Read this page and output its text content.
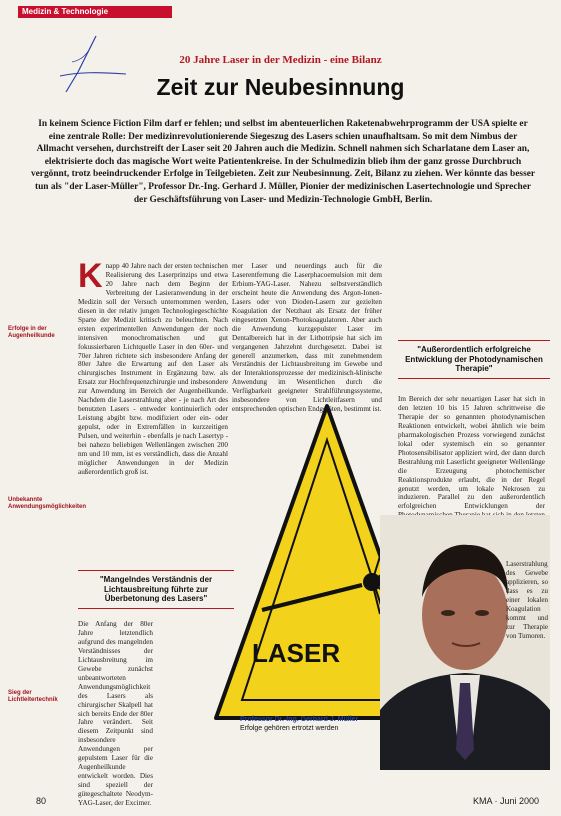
Medizin & Technologie
20 Jahre Laser in der Medizin - eine Bilanz
Zeit zur Neubesinnung
In keinem Science Fiction Film darf er fehlen; und selbst im abenteuerlichen Raketenabwehrprogramm der USA spielte er eine zentrale Rolle: Der medizinrevolutionierende Siegeszug des Lasers schien unaufhaltsam. So mit dem Nimbus der Allmacht versehen, durchstreift der Laser seit 20 Jahren auch die Medizin. Schnell nahmen sich Scharlatane dem Laser an, elektrisierte doch das magische Wort weite Patientenkreise. In der Schulmedizin blieb ihm der ganz grosse Durchbruch vergönnt, trotz beeindruckender Erfolge in Teilgebieten. Zeit zur Neubesinnung. Zeit, Bilanz zu ziehen. Wer könnte das besser tun als "der Laser-Müller", Professor Dr.-Ing. Gerhard J. Müller, Pionier der medizinischen Lasertechnologie und Sprecher der Geschäftsführung von Laser- und Medizin-Technologie GmbH, Berlin.
Erfolge in der Augenheilkunde
Unbekannte Anwendungsmöglichkeiten
Sieg der Lichtleitertechnik
Knapp 40 Jahre nach der ersten technischen Realisierung des Laserprinzips und etwa 20 Jahre nach dem Beginn der Verbreitung der Lasieranwendung in der Medizin soll der Versuch unternommen werden, diesen in der relativ jungen Technologiegeschichte Sparte der Medizit kritisch zu beleuchten. Nach ersten experimentellen Anwendungen der noch intensiven monochromatischen und gut fokussierbaren Lichtquelle Laser in den 60er- und 70er Jahren richtete sich insbesondere Anfang der 80er Jahre die Erwartung auf den Laser als chirurgisches Instrument in Ergänzung bzw. als Ersatz zur Hochfrequenzchirurgie und insbesondere zur Anwendung im Bereich der Augenheilkunde. Nachdem die Laserstrahlung aber - je nach Art des benutzten Lasers - entweder kontinuierlich oder Leistung abgibt bzw. modifiziert oder ein- oder gepulst, oder in Extremfällen in kurzzeitigen Pulsen, und weiterhin - ebenfalls je nach Lasertyp - bei nahezu beliebigen Wellenlängen zwischen 200 nm und 10 mm, ist es verständlich, dass die Anzahl möglicher Anwendungen in der Medizin außerordentlich groß ist.
"Mangelndes Verständnis der Lichtausbreitung führte zur Überbetonung des Lasers"
Die Anfang der 80er Jahre letztendlich aufgrund des mangelnden Verständnisses der Lichtausbreitung im Gewebe zunächst unbeantworteten Anwendungsmöglichkeit des Lasers als chirurgischer Skalpell hat sich bereits Ende der 80er Jahre verändert. Seit diesem Zeitpunkt sind insbesondere Anwendungen per gepulstem Laser für die Augenheilkunde entwickelt worden. Dies sind speziell der gütegeschaltete Neodym-YAG-Laser, der Excimer.
mer Laser und neuerdings auch für die Laserentfernung die Laserphacoemulsion mit dem Erbium-YAG-Laser. Nahezu selbstverständlich erscheint heute die Anwendung des Argon-Ionen-Lasers oder von Dioden-Lasern zur gezielten Koagulation der Netzhaut als Ersatz der früher eingesetzten Xenon-Photokoagulatoren. Aber auch die Anwendung kurzgepulster Laser im Dentalbereich hat in der Lithotripsie hat sich im vergangenen Jahrzehnt durchgesetzt. Dabei ist generell anzumerken, dass mit zunehmendem Verständnis der Lichtausbreitung im Gewebe und der Interaktionsprozesse der medizinisch-klinische Anwendung im Wesentlichen durch die Verfügbarkeit geeigneter Strahlführungssysteme, insbesondere von Lichtleitfasern und entsprechenden optischen Endgeräten, bestimmt ist.
"Außerordentlich erfolgreiche Entwicklung der Photodynamischen Therapie"
Im Bereich der sehr neuartigen Laser hat sich in den letzten 10 bis 15 Jahren schrittweise die Therapie der so genannten photodynamischen Reaktionen entwickelt, wobei ähnlich wie beim pharmakologischen Prozess vorwiegend zunächst lokal oder systemisch ein so genannter Photosensibilisator appliziert wird, der dann durch Bestrahlung mit Laserlicht geeigneter Wellenlänge die Erzeugung photochemischer Reaktionsprodukte erlaubt, die in der Regel genutzt werden, um lokale Nekrosen zu induzieren. Parallel zu den außerordentlich erfolgreichen Entwicklungen der
LASER
Laserstrahlung des Gewebe applizieren, so dass es zu einer lokalen Koagulation kommt und zur Therapie von Tumoren.
Professor Dr.-Ing. Gerhard J. Müller
Erfolge gehören ertrotzt werden
80	KMA · Juni 2000
